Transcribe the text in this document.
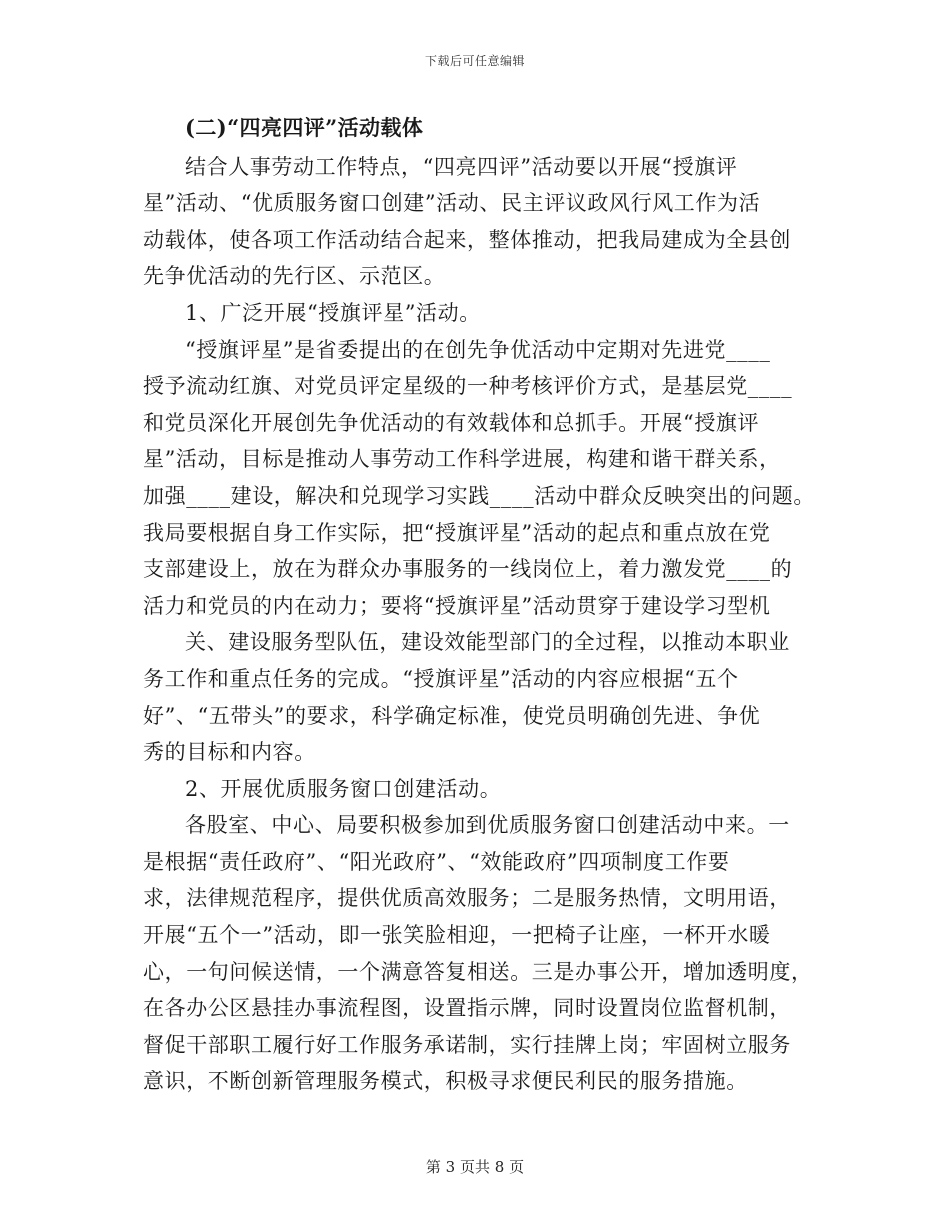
下载后可任意编辑
(二)“四亮四评”活动载体
结合人事劳动工作特点，“四亮四评”活动要以开展“授旗评
星”活动、“优质服务窗口创建”活动、民主评议政风行风工作为活
动载体，使各项工作活动结合起来，整体推动，把我局建成为全县创
先争优活动的先行区、示范区。
1、广泛开展“授旗评星”活动。
“授旗评星”是省委提出的在创先争优活动中定期对先进党____
授予流动红旗、对党员评定星级的一种考核评价方式，是基层党____
和党员深化开展创先争优活动的有效载体和总抓手。开展“授旗评
星”活动，目标是推动人事劳动工作科学进展，构建和谐干群关系，
加强____建设，解决和兑现学习实践____活动中群众反映突出的问题。
我局要根据自身工作实际，把“授旗评星”活动的起点和重点放在党
支部建设上，放在为群众办事服务的一线岗位上，着力激发党____的
活力和党员的内在动力；要将“授旗评星”活动贯穿于建设学习型机
关、建设服务型队伍，建设效能型部门的全过程，以推动本职业
务工作和重点任务的完成。“授旗评星”活动的内容应根据“五个
好”、“五带头”的要求，科学确定标准，使党员明确创先进、争优
秀的目标和内容。
2、开展优质服务窗口创建活动。
各股室、中心、局要积极参加到优质服务窗口创建活动中来。一
是根据“责任政府”、“阳光政府”、“效能政府”四项制度工作要
求，法律规范程序，提供优质高效服务；二是服务热情，文明用语，
开展“五个一”活动，即一张笑脸相迎，一把椅子让座，一杯开水暖
心，一句问候送情，一个满意答复相送。三是办事公开，增加透明度，
在各办公区悬挂办事流程图，设置指示牌，同时设置岗位监督机制，
督促干部职工履行好工作服务承诺制，实行挂牌上岗；牢固树立服务
意识，不断创新管理服务模式，积极寻求便民利民的服务措施。
第 3 页共 8 页
